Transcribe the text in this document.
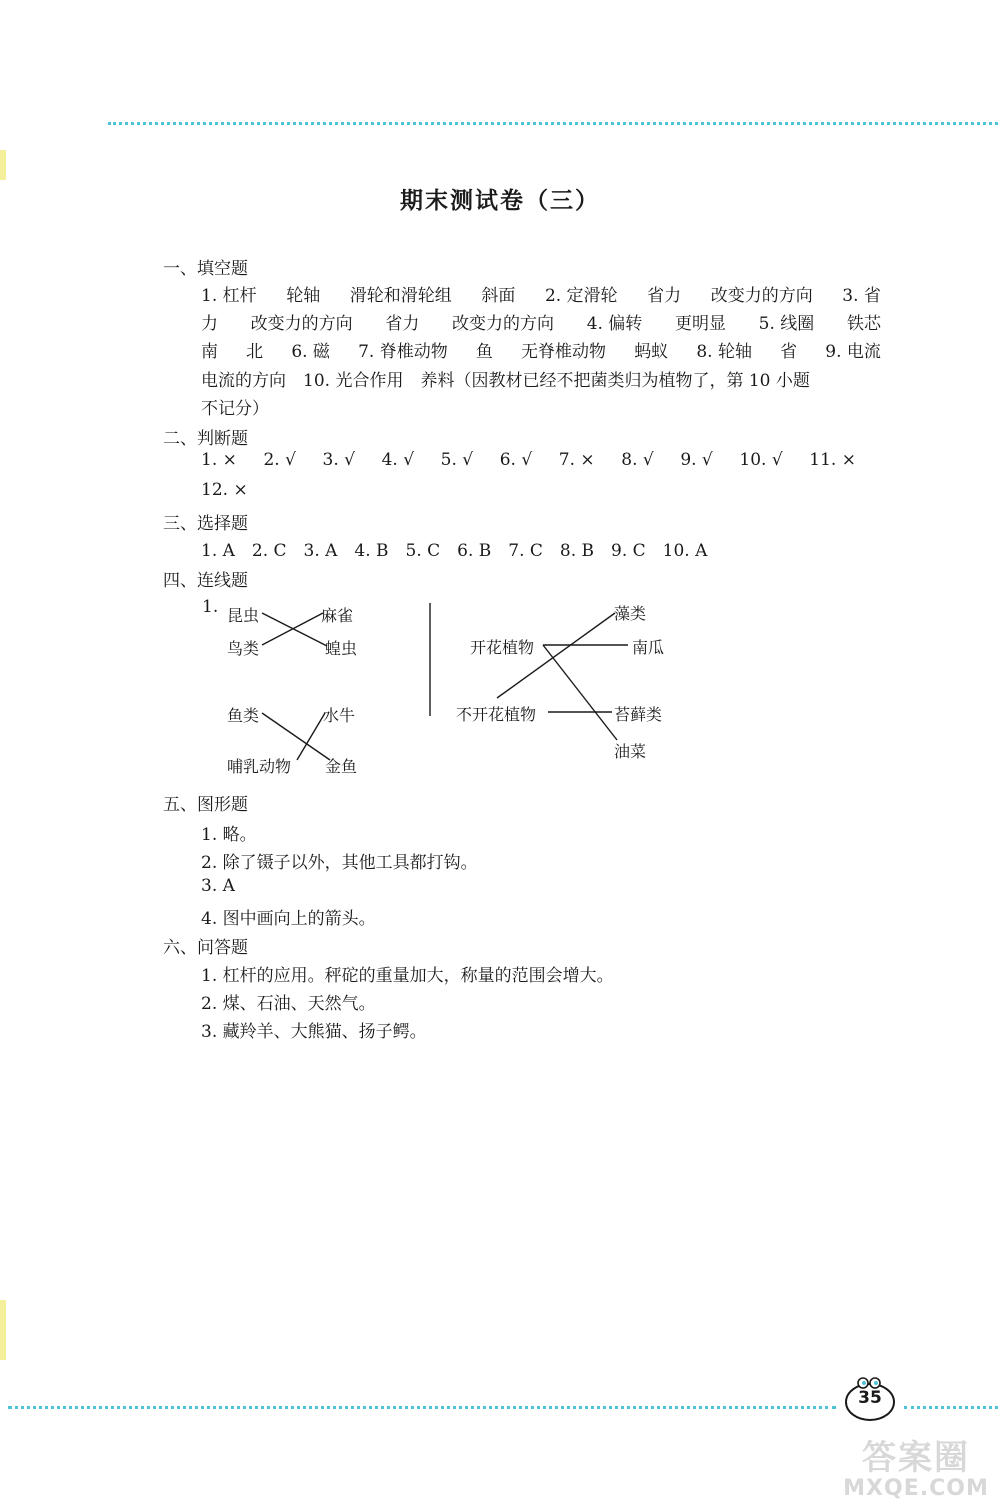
期末测试卷（三）
一、填空题
1. 杠杆 轮轴 滑轮和滑轮组 斜面 2. 定滑轮 省力 改变力的方向 3. 省
力 改变力的方向 省力 改变力的方向 4. 偏转 更明显 5. 线圈 铁芯
南 北 6. 磁 7. 脊椎动物 鱼 无脊椎动物 蚂蚁 8. 轮轴 省 9. 电流
电流的方向　10. 光合作用　养料（因教材已经不把菌类归为植物了，第 10 小题
不记分）
二、判断题
1. × 2. √ 3. √ 4. √ 5. √ 6. √ 7. × 8. √ 9. √ 10. √ 11. ×
12. ×
三、选择题
1. A　2. C　3. A　4. B　5. C　6. B　7. C　8. B　9. C　10. A
四、连线题
1. 昆虫
鸟类
麻雀
蝗虫
鱼类
哺乳动物
水牛
金鱼
开花植物
不开花植物
藻类
南瓜
苔藓类
油菜
五、图形题
1. 略。
2. 除了镊子以外，其他工具都打钩。
3. A
4. 图中画向上的箭头。
六、问答题
1. 杠杆的应用。秤砣的重量加大，称量的范围会增大。
2. 煤、石油、天然气。
3. 藏羚羊、大熊猫、扬子鳄。
35
答案圈
MXQE.COM
